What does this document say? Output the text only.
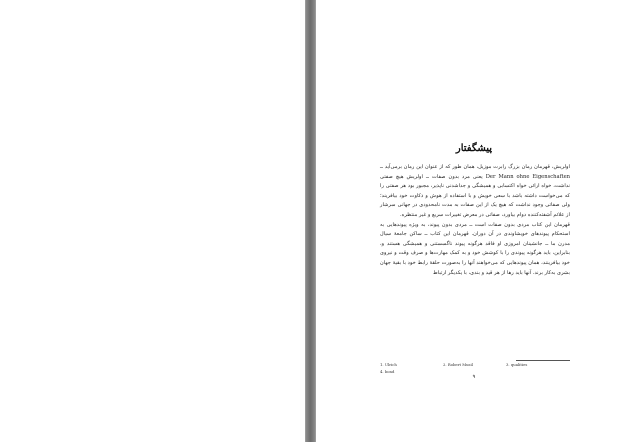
پیشگفتار

اولریش، قهرمان رمان بزرگ رابرت موزیل، همان طور که از عنوان این رمان برمی‌آید ــ Der Mann ohne Eigenschaften یعنی مرد بدون صفات ــ اولریش هیچ صفتی نداشت، خواه ارائی خواه اکتسابی و همیشگی و جداشدنی ناپذیر، مجبور بود هر صفتی را که می‌خواست داشته باشد با سعی خویش و با استفاده از هوش و ذکاوت خود بیافریند؛ ولی صفاتی وجود نداشت که هیچ یک از این صفات به مدت نامحدودی در جهانی سرشار از علائم آشفته‌کننده دوام بیاورد، صفاتی در معرض تغییرات سریع و غیر منتظره.

قهرمان این کتاب مردی بدون صفات است ــ مردی بدون پیوند، به ویژه پیوندهایی به استحکام پیوندهای خویشاوندی در آن دوران. قهرمان این کتاب ــ ساکن جامعهٔ سیال مدرن ما ــ جانشینان امروزی او فاقد هرگونه پیوند ناگسستنی و همیشگی هستند و، بنابراین، باید هرگونه پیوندی را با کوشش خود و به کمک مهارت‌ها و صرف وقت و نیروی خود بیافرینند، همان پیوندهایی که می‌خواهند آنها را به‌صورت حلقهٔ رابط خود با بقیهٔ جهان بشری به‌کار برند. آنها باید رها از هر قید و بندی، با یکدیگر ارتباط

1. Ulrich	2. Robert Musil	3. qualities
4. bond
۹
